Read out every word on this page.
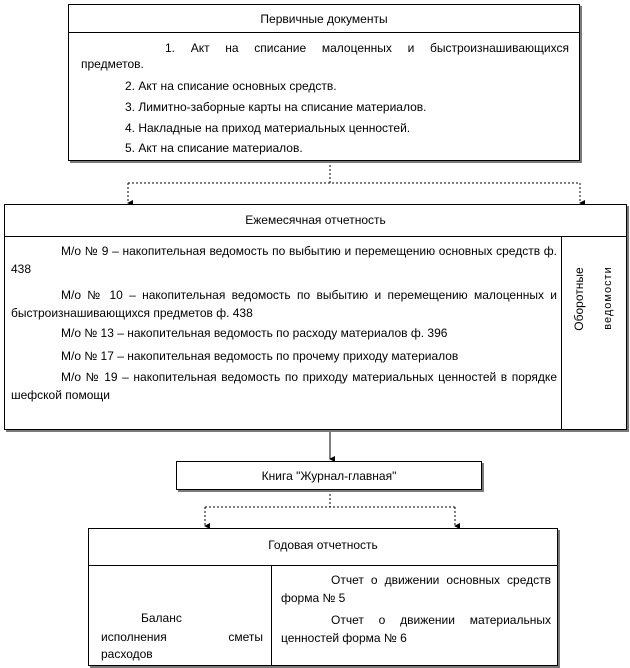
Первичные документы
1. Акт на списание малоценных и быстроизнашивающихся
предметов.
2. Акт на списание основных средств.
3. Лимитно-заборные карты на списание материалов.
4. Накладные на приход материальных ценностей.
5. Акт на списание материалов.
Ежемесячная отчетность
М/о № 9 – накопительная ведомость по выбытию и перемещению основных средств ф. 438
М/о № 10 – накопительная ведомость по выбытию и перемещению малоценных и быстроизнашивающихся предметов ф. 438
М/о № 13 – накопительная ведомость по расходу материалов ф. 396
М/о № 17 – накопительная ведомость по прочему приходу материалов
М/о № 19 – накопительная ведомость по приходу материальных ценностей в порядке шефской помощи
Оборотные ведомости
Книга "Журнал-главная"
Годовая отчетность
Баланс
исполнения сметы
расходов
Отчет о движении основных средств форма № 5
Отчет о движении материальных ценностей форма № 6
